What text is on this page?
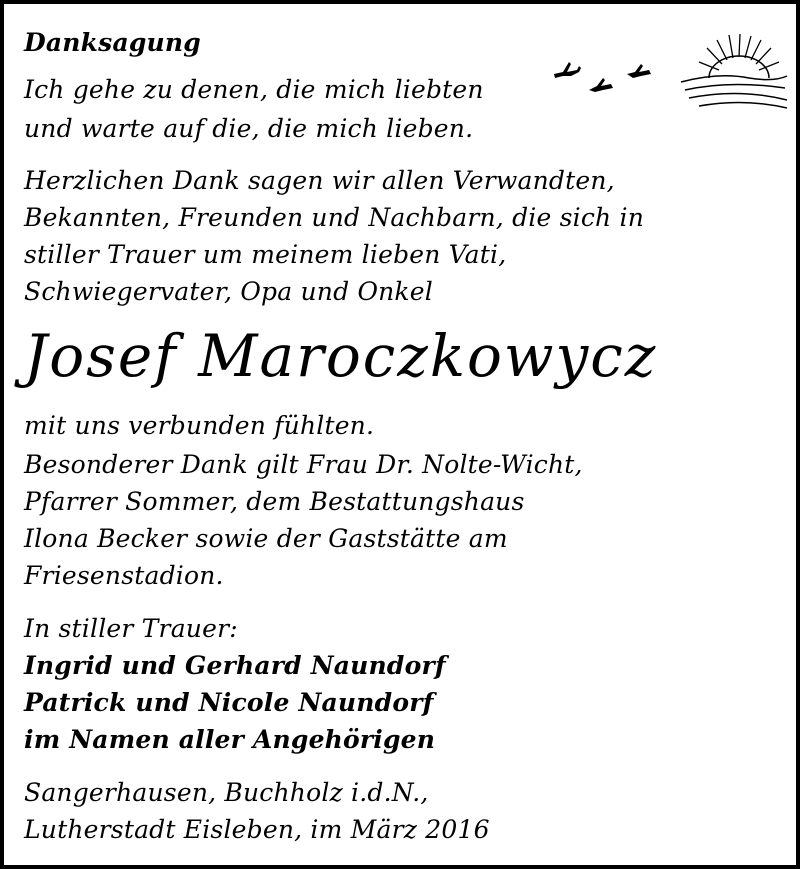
Danksagung
Ich gehe zu denen, die mich liebten
und warte auf die, die mich lieben.
Herzlichen Dank sagen wir allen Verwandten,
Bekannten, Freunden und Nachbarn, die sich in
stiller Trauer um meinem lieben Vati,
Schwiegervater, Opa und Onkel
Josef Maroczkowycz
mit uns verbunden fühlten.
Besonderer Dank gilt Frau Dr. Nolte-Wicht,
Pfarrer Sommer, dem Bestattungshaus
Ilona Becker sowie der Gaststätte am
Friesenstadion.
In stiller Trauer:
Ingrid und Gerhard Naundorf
Patrick und Nicole Naundorf
im Namen aller Angehörigen
Sangerhausen, Buchholz i.d.N.,
Lutherstadt Eisleben, im März 2016
